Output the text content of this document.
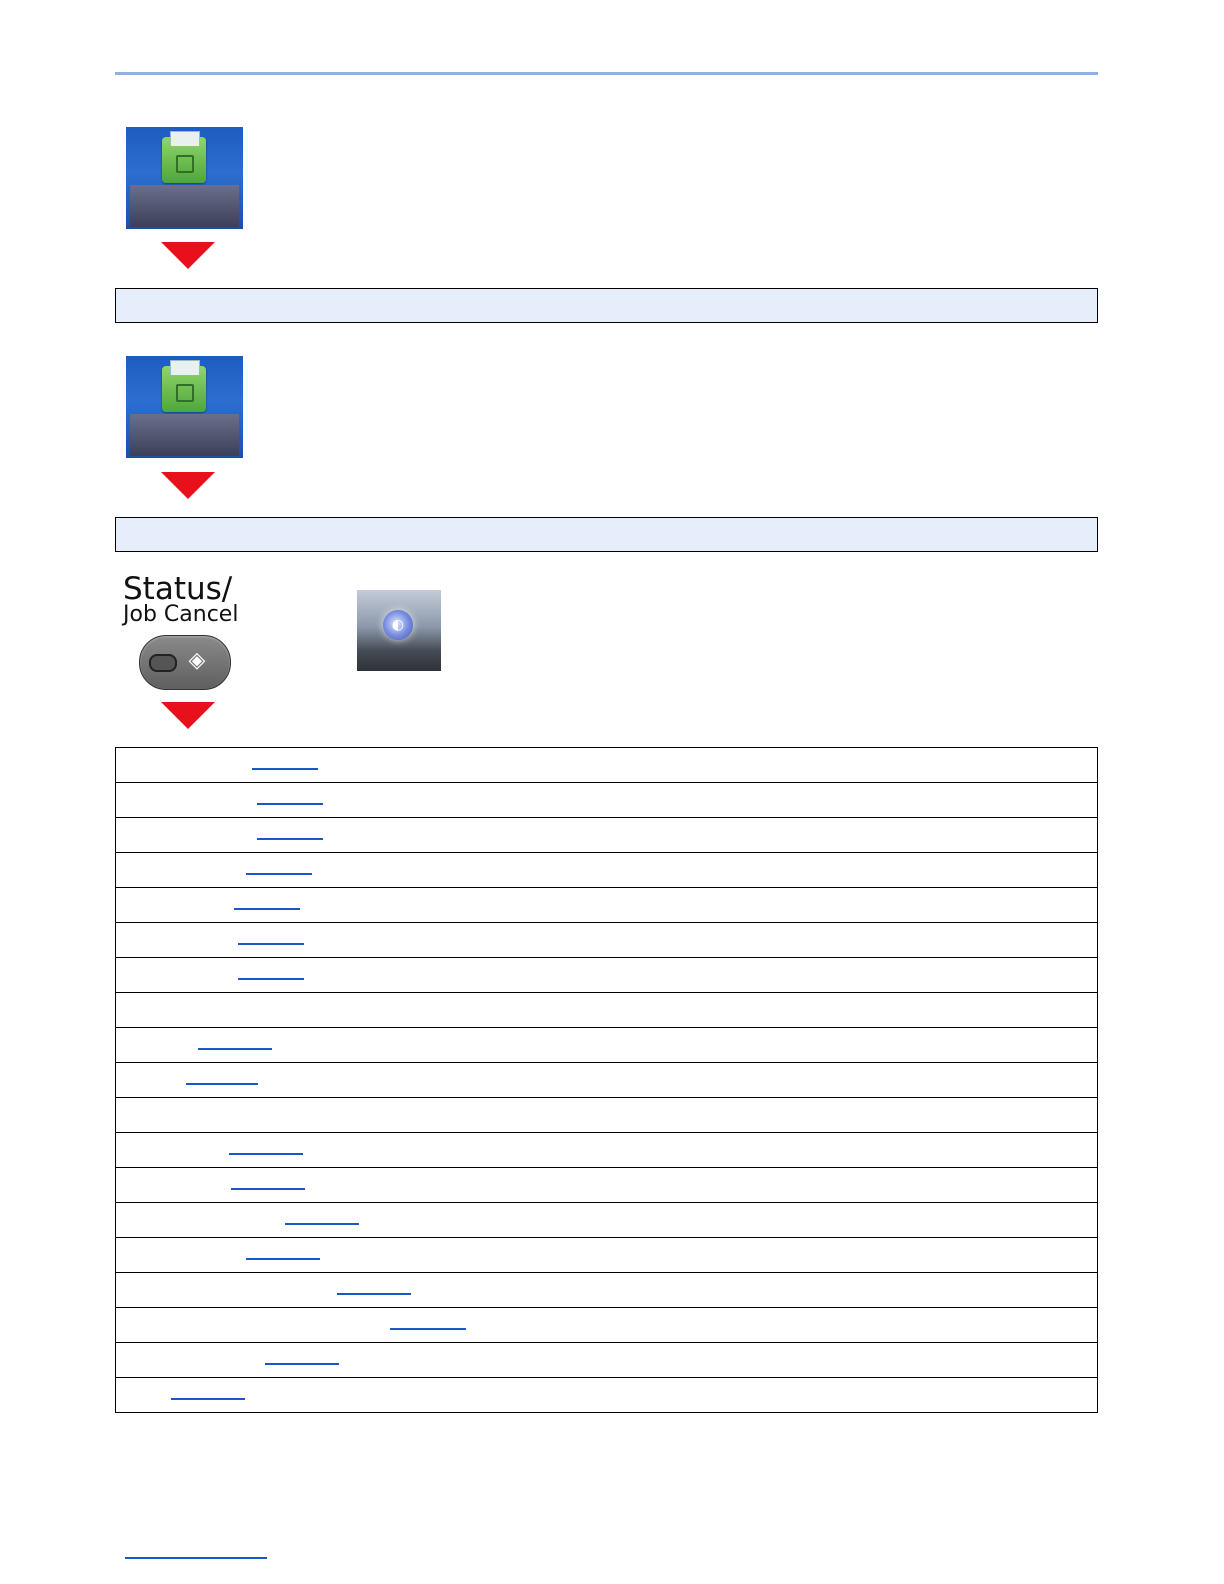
Status/
Job Cancel
◈
◐
